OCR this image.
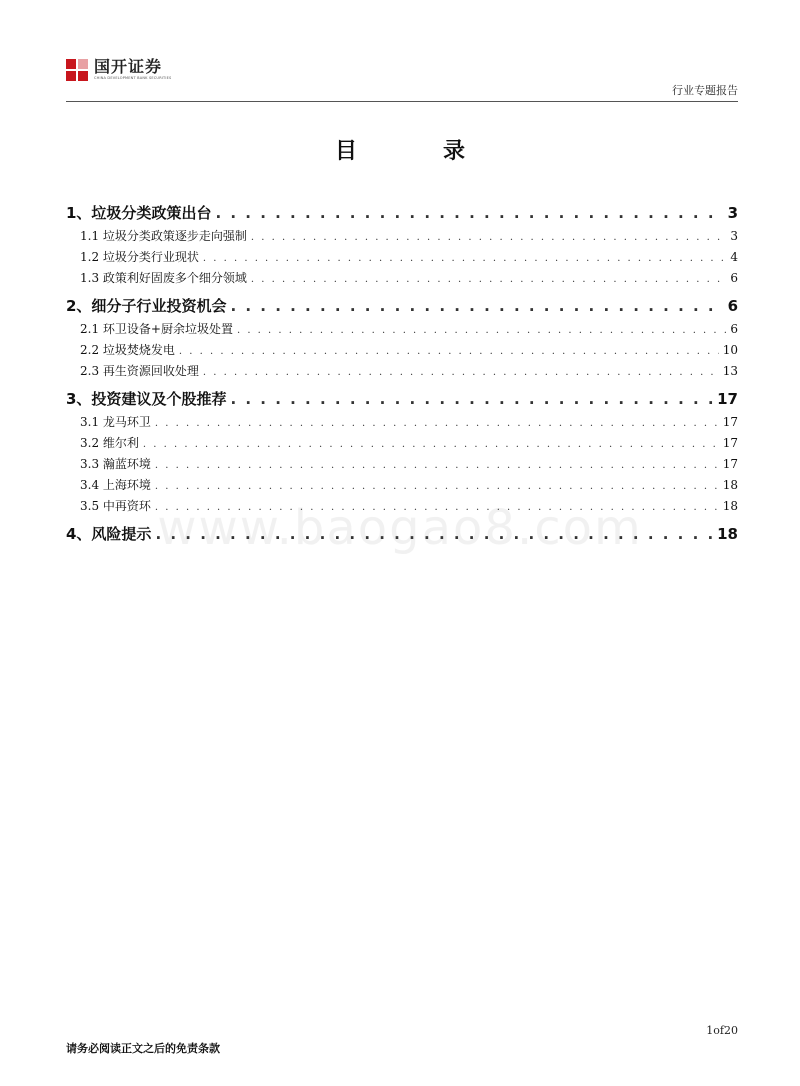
国开证券
CHINA DEVELOPMENT BANK SECURITIES
行业专题报告
目录
1、垃圾分类政策出台 . . .	3
1.1 垃圾分类政策逐步走向强制 . . .	3
1.2 垃圾分类行业现状 . . .	4
1.3 政策利好固废多个细分领域 . . .	6
2、细分子行业投资机会 . . .	6
2.1 环卫设备+厨余垃圾处置 . . .	6
2.2 垃圾焚烧发电 . . .	10
2.3 再生资源回收处理 . . .	13
3、投资建议及个股推荐 . . .	17
3.1 龙马环卫 . . .	17
3.2 维尔利 . . .	17
3.3 瀚蓝环境 . . .	17
3.4 上海环境 . . .	18
3.5 中再资环 . . .	18
4、风险提示 . . .	18
www.baogao8.com
1of20
请务必阅读正文之后的免责条款
